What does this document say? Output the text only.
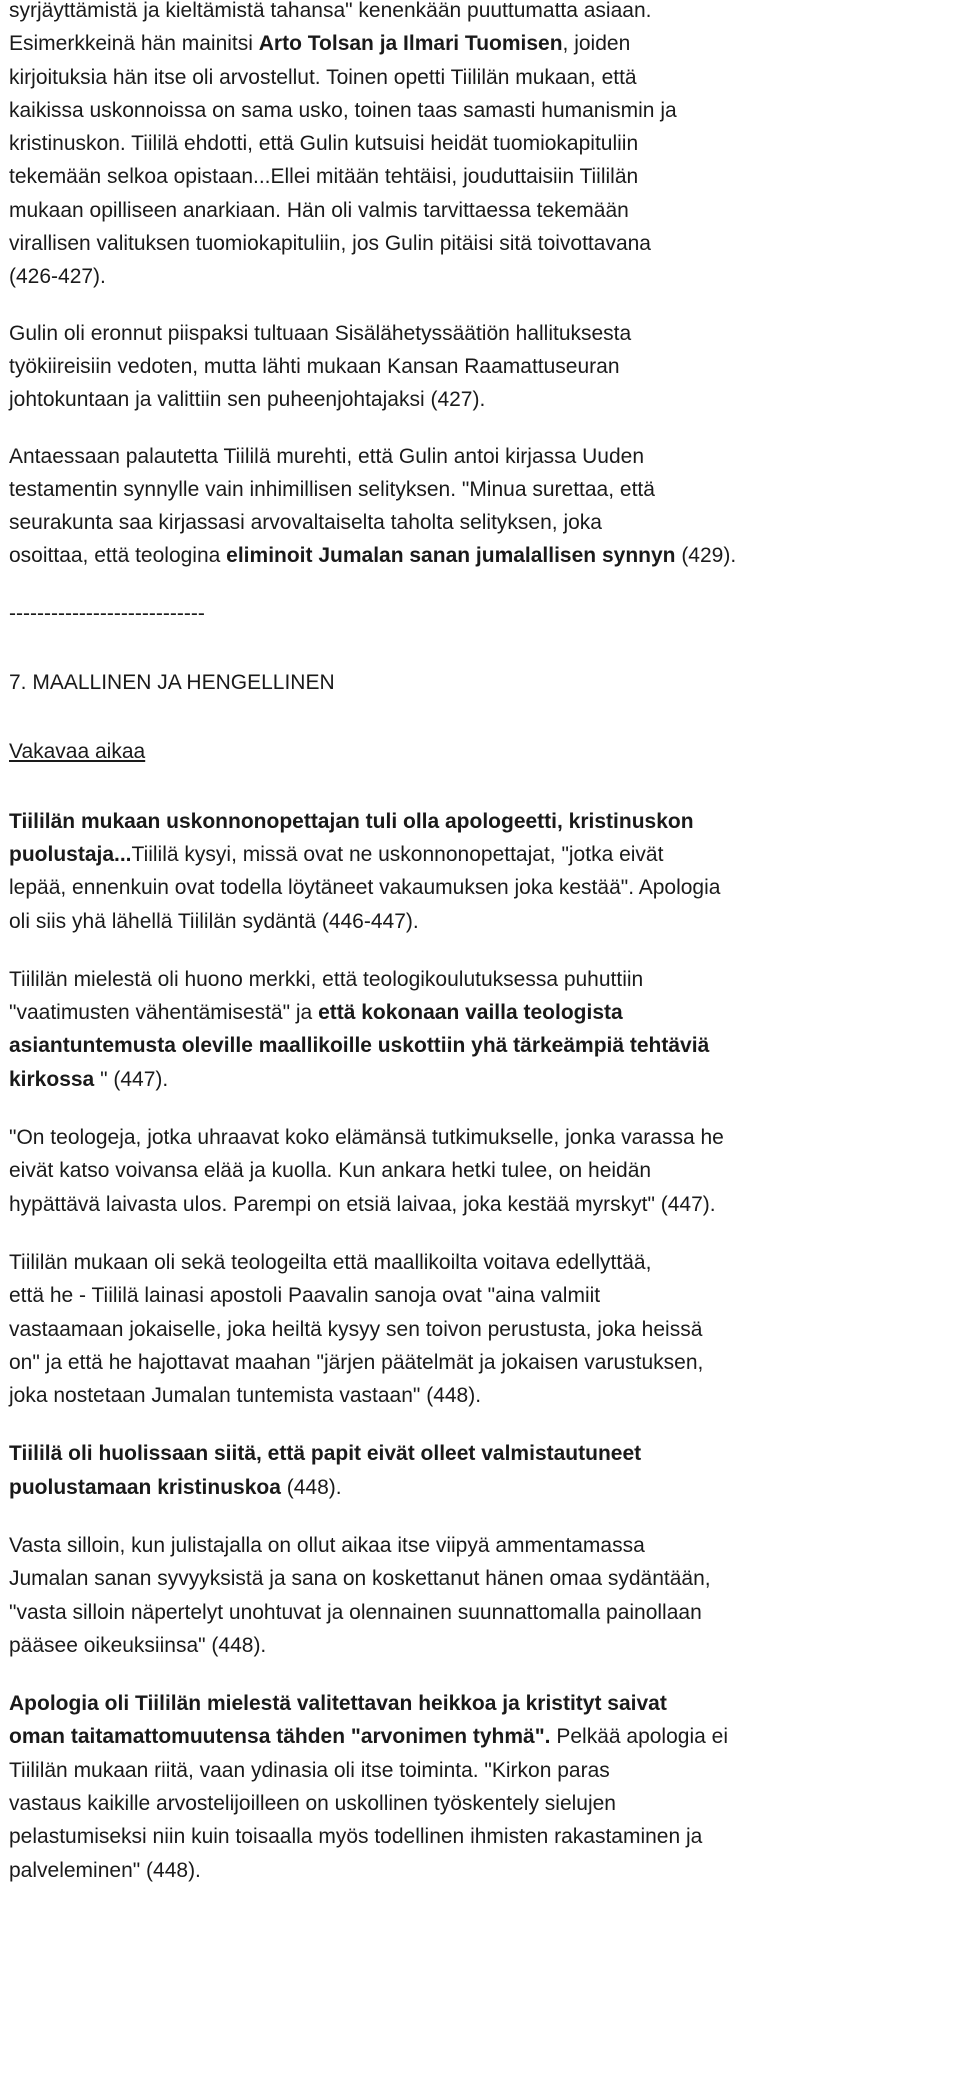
syrjäyttämistä ja kieltämistä tahansa" kenenkään puuttumatta asiaan.
Esimerkkeinä hän mainitsi Arto Tolsan ja Ilmari Tuomisen, joiden
kirjoituksia hän itse oli arvostellut. Toinen opetti Tiililän mukaan, että
kaikissa uskonnoissa on sama usko, toinen taas samasti humanismin ja
kristinuskon. Tiililä ehdotti, että Gulin kutsuisi heidät tuomiokapituliin
tekemään selkoa opistaan...Ellei mitään tehtäisi, jouduttaisiin Tiililän
mukaan opilliseen anarkiaan. Hän oli valmis tarvittaessa tekemään
virallisen valituksen tuomiokapituliin, jos Gulin pitäisi sitä toivottavana
(426-427).

Gulin oli eronnut piispaksi tultuaan Sisälähetyssäätiön hallituksesta
työkiireisiin vedoten, mutta lähti mukaan Kansan Raamattuseuran
johtokuntaan ja valittiin sen puheenjohtajaksi (427).

Antaessaan palautetta Tiililä murehti, että Gulin antoi kirjassa Uuden
testamentin synnylle vain inhimillisen selityksen. "Minua surettaa, että
seurakunta saa kirjassasi arvovaltaiselta taholta selityksen, joka
osoittaa, että teologina eliminoit Jumalan sanan jumalallisen synnyn (429).

----------------------------
7. MAALLINEN JA HENGELLINEN
Vakavaa aikaa

Tiililän mukaan uskonnonopettajan tuli olla apologeetti, kristinuskon
puolustaja...Tiililä kysyi, missä ovat ne uskonnonopettajat, "jotka eivät
lepää, ennenkuin ovat todella löytäneet vakaumuksen joka kestää". Apologia
oli siis yhä lähellä Tiililän sydäntä (446-447).

Tiililän mielestä oli huono merkki, että teologikoulutuksessa puhuttiin
"vaatimusten vähentämisestä" ja että kokonaan vailla teologista
asiantuntemusta oleville maallikoille uskottiin yhä tärkeämpiä tehtäviä
kirkossa " (447).

"On teologeja, jotka uhraavat koko elämänsä tutkimukselle, jonka varassa he
eivät katso voivansa elää ja kuolla. Kun ankara hetki tulee, on heidän
hypättävä laivasta ulos. Parempi on etsiä laivaa, joka kestää myrskyt" (447).

Tiililän mukaan oli sekä teologeilta että maallikoilta voitava edellyttää,
että he - Tiililä lainasi apostoli Paavalin sanoja ovat "aina valmiit
vastaamaan jokaiselle, joka heiltä kysyy sen toivon perustusta, joka heissä
on" ja että he hajottavat maahan "järjen päätelmät ja jokaisen varustuksen,
joka nostetaan Jumalan tuntemista vastaan" (448).

Tiililä oli huolissaan siitä, että papit eivät olleet valmistautuneet
puolustamaan kristinuskoa (448).

Vasta silloin, kun julistajalla on ollut aikaa itse viipyä ammentamassa
Jumalan sanan syvyyksistä ja sana on koskettanut hänen omaa sydäntään,
"vasta silloin näpertelyt unohtuvat ja olennainen suunnattomalla painollaan
pääsee oikeuksiinsa" (448).

Apologia oli Tiililän mielestä valitettavan heikkoa ja kristityt saivat
oman taitamattomuutensa tähden "arvonimen tyhmä". Pelkää apologia ei
Tiililän mukaan riitä, vaan ydinasia oli itse toiminta. "Kirkon paras
vastaus kaikille arvostelijoilleen on uskollinen työskentely sielujen
pelastumiseksi niin kuin toisaalla myös todellinen ihmisten rakastaminen ja
palveleminen" (448).
